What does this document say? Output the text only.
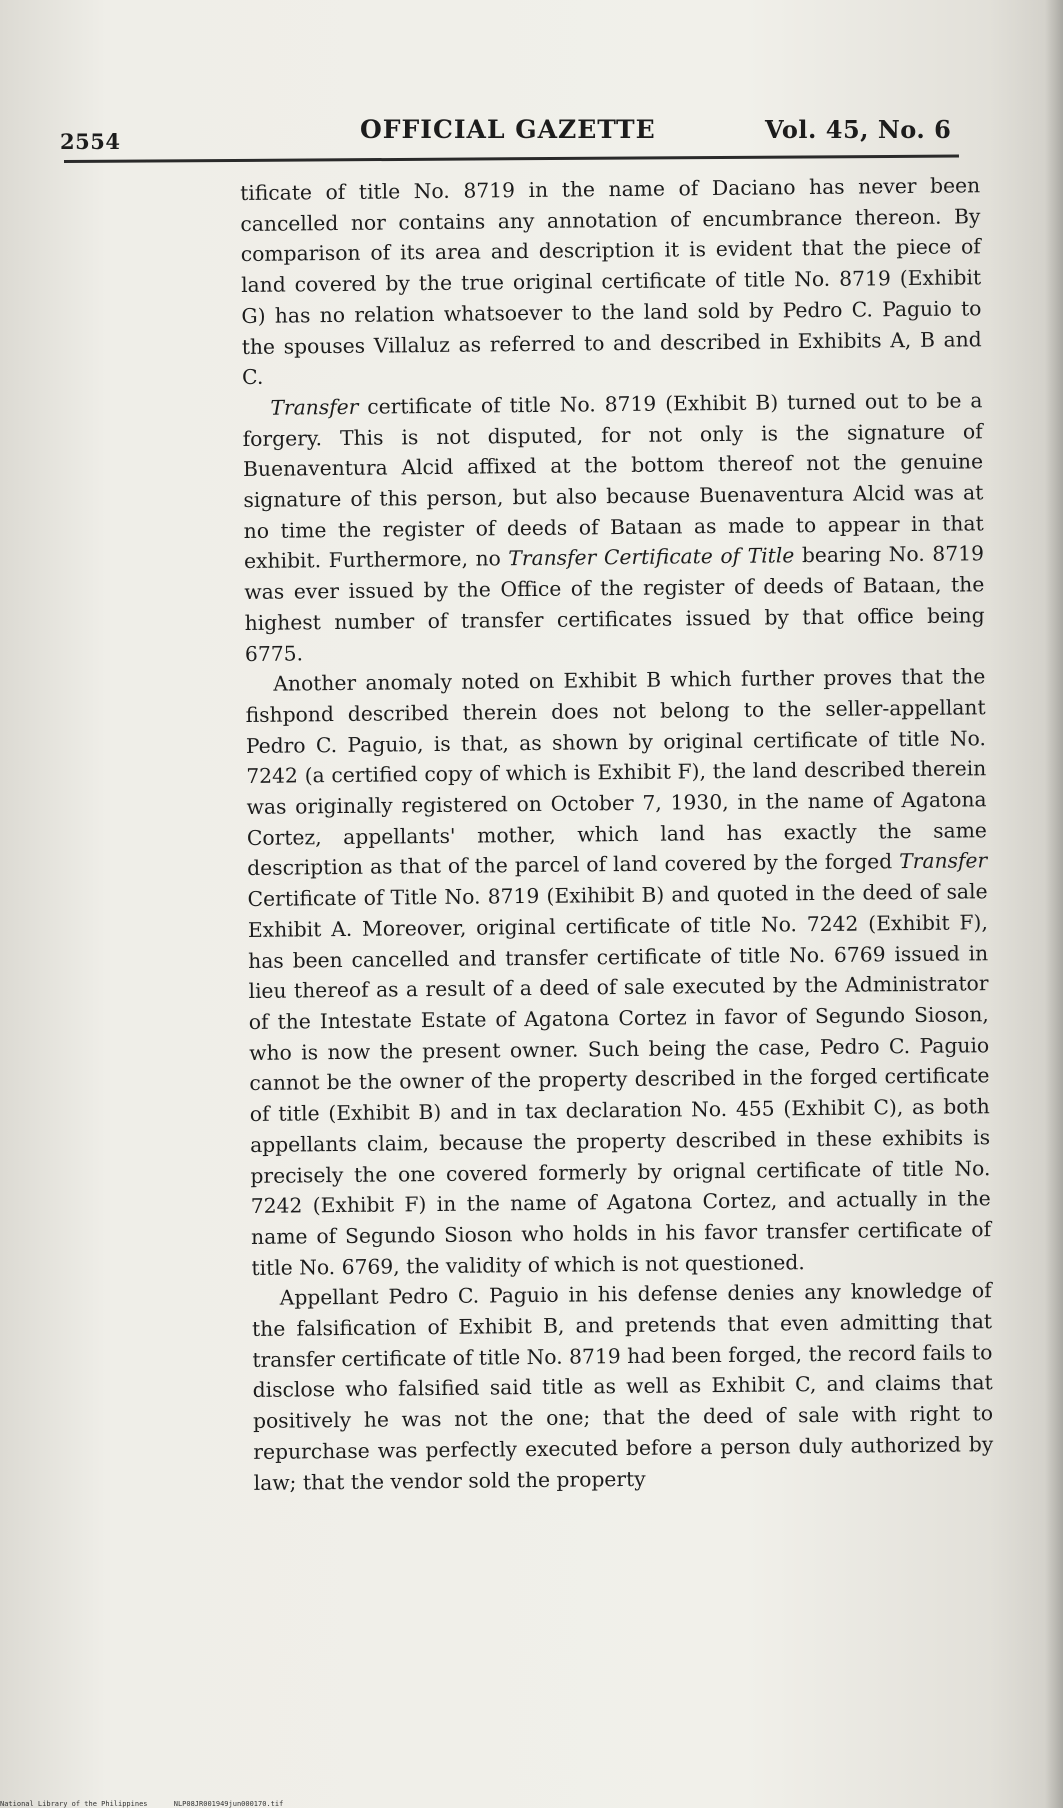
2554	OFFICIAL GAZETTE	Vol. 45, No. 6

tificate of title No. 8719 in the name of Daciano has never been cancelled nor contains any annotation of encumbrance thereon. By comparison of its area and description it is evident that the piece of land covered by the true original certificate of title No. 8719 (Exhibit G) has no relation whatsoever to the land sold by Pedro C. Paguio to the spouses Villaluz as referred to and described in Exhibits A, B and C.

Transfer certificate of title No. 8719 (Exhibit B) turned out to be a forgery. This is not disputed, for not only is the signature of Buenaventura Alcid affixed at the bottom thereof not the genuine signature of this person, but also because Buenaventura Alcid was at no time the register of deeds of Bataan as made to appear in that exhibit. Furthermore, no Transfer Certificate of Title bearing No. 8719 was ever issued by the Office of the register of deeds of Bataan, the highest number of transfer certificates issued by that office being 6775.

Another anomaly noted on Exhibit B which further proves that the fishpond described therein does not belong to the seller-appellant Pedro C. Paguio, is that, as shown by original certificate of title No. 7242 (a certified copy of which is Exhibit F), the land described therein was originally registered on October 7, 1930, in the name of Agatona Cortez, appellants' mother, which land has exactly the same description as that of the parcel of land covered by the forged Transfer Certificate of Title No. 8719 (Exihibit B) and quoted in the deed of sale Exhibit A. Moreover, original certificate of title No. 7242 (Exhibit F), has been cancelled and transfer certificate of title No. 6769 issued in lieu thereof as a result of a deed of sale executed by the Administrator of the Intestate Estate of Agatona Cortez in favor of Segundo Sioson, who is now the present owner. Such being the case, Pedro C. Paguio cannot be the owner of the property described in the forged certificate of title (Exhibit B) and in tax declaration No. 455 (Exhibit C), as both appellants claim, because the property described in these exhibits is precisely the one covered formerly by orignal certificate of title No. 7242 (Exhibit F) in the name of Agatona Cortez, and actually in the name of Segundo Sioson who holds in his favor transfer certificate of title No. 6769, the validity of which is not questioned.

Appellant Pedro C. Paguio in his defense denies any knowledge of the falsification of Exhibit B, and pretends that even admitting that transfer certificate of title No. 8719 had been forged, the record fails to disclose who falsified said title as well as Exhibit C, and claims that positively he was not the one; that the deed of sale with right to repurchase was perfectly executed before a person duly authorized by law; that the vendor sold the property

National Library of the Philippines	NLP08JR001949jun000170.tif
